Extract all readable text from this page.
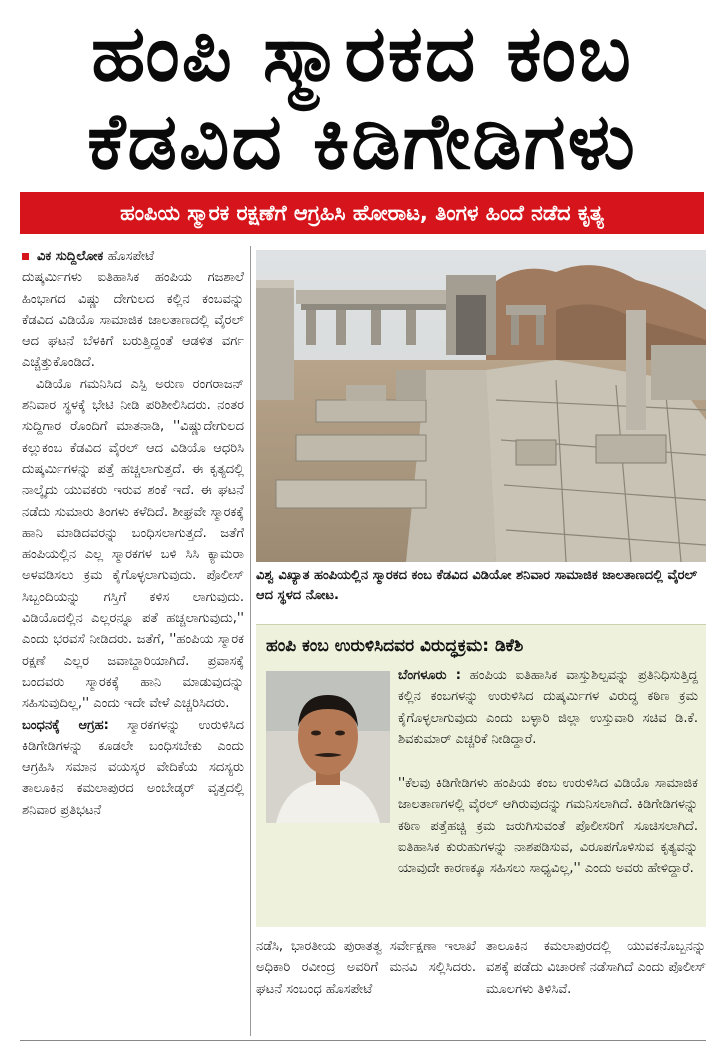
ಹಂಪಿ ಸ್ಮಾರಕದ ಕಂಬ
ಕೆಡವಿದ ಕಿಡಿಗೇಡಿಗಳು
ಹಂಪಿಯ ಸ್ಮಾರಕ ರಕ್ಷಣೆಗೆ ಆಗ್ರಹಿಸಿ ಹೋರಾಟ, ತಿಂಗಳ ಹಿಂದೆ ನಡೆದ ಕೃತ್ಯ

ವಿಕ ಸುದ್ದಿಲೋಕ ಹೊಸಪೇಟೆ

ದುಷ್ಕರ್ಮಿಗಳು ಐತಿಹಾಸಿಕ ಹಂಪಿಯ ಗಜಶಾಲೆ ಹಿಂಭಾಗದ ವಿಷ್ಣು ದೇಗುಲದ ಕಲ್ಲಿನ ಕಂಬವನ್ನು ಕೆಡವಿದ ವಿಡಿಯೊ ಸಾಮಾಜಿಕ ಜಾಲತಾಣದಲ್ಲಿ ವೈರಲ್ ಆದ ಘಟನೆ ಬೆಳಕಿಗೆ ಬರುತ್ತಿದ್ದಂತೆ ಆಡಳಿತ ವರ್ಗ ಎಚ್ಚೆತ್ತುಕೊಂಡಿದೆ.

ವಿಡಿಯೊ ಗಮನಿಸಿದ ಎಸ್ಪಿ ಅರುಣ ರಂಗರಾಜನ್ ಶನಿವಾರ ಸ್ಥಳಕ್ಕೆ ಭೇಟಿ ನೀಡಿ ಪರಿಶೀಲಿಸಿದರು. ನಂತರ ಸುದ್ದಿಗಾರ ರೊಂದಿಗೆ ಮಾತನಾಡಿ, ''ವಿಷ್ಣುದೇಗುಲದ ಕಲ್ಲುಕಂಬ ಕೆಡವಿದ ವೈರಲ್ ಆದ ವಿಡಿಯೊ ಆಧರಿಸಿ ದುಷ್ಕರ್ಮಿಗಳನ್ನು ಪತ್ತೆ ಹಚ್ಚಲಾಗುತ್ತದೆ. ಈ ಕೃತ್ಯದಲ್ಲಿ ನಾಲ್ಕೈದು ಯುವಕರು ಇರುವ ಶಂಕೆ ಇದೆ. ಈ ಘಟನೆ ನಡೆದು ಸುಮಾರು ತಿಂಗಳು ಕಳೆದಿದೆ. ಶೀಘ್ರವೇ ಸ್ಮಾರಕಕ್ಕೆ ಹಾನಿ ಮಾಡಿದವರನ್ನು ಬಂಧಿಸಲಾಗುತ್ತದೆ. ಜತೆಗೆ ಹಂಪಿಯಲ್ಲಿನ ಎಲ್ಲ ಸ್ಮಾರಕಗಳ ಬಳಿ ಸಿಸಿ ಕ್ಯಾಮರಾ ಅಳವಡಿಸಲು ಕ್ರಮ ಕೈಗೊಳ್ಳಲಾಗುವುದು. ಪೊಲೀಸ್ ಸಿಬ್ಬಂದಿಯನ್ನು ಗಸ್ತಿಗೆ ಕಳಿಸ ಲಾಗುವುದು. ವಿಡಿಯೊದಲ್ಲಿನ ಎಲ್ಲರನ್ನೂ ಪತೆ ಹಚ್ಚಲಾಗುವುದು,'' ಎಂದು ಭರವಸೆ ನೀಡಿದರು. ಜತೆಗೆ, ''ಹಂಪಿಯ ಸ್ಮಾರಕ ರಕ್ಷಣೆ ಎಲ್ಲರ ಜವಾಬ್ದಾರಿಯಾಗಿದೆ. ಪ್ರವಾಸಕ್ಕೆ ಬಂದವರು ಸ್ಮಾರಕಕ್ಕೆ ಹಾನಿ ಮಾಡುವುದನ್ನು ಸಹಿಸುವುದಿಲ್ಲ,'' ಎಂದು ಇದೇ ವೇಳೆ ಎಚ್ಚರಿಸಿದರು.

ಬಂಧನಕ್ಕೆ ಆಗ್ರಹ: ಸ್ಮಾರಕಗಳನ್ನು ಉರುಳಿಸಿದ ಕಿಡಿಗೇಡಿಗಳನ್ನು ಕೂಡಲೇ ಬಂಧಿಸಬೇಕು ಎಂದು ಆಗ್ರಹಿಸಿ ಸಮಾನ ವಯಸ್ಕರ ವೇದಿಕೆಯ ಸದಸ್ಯರು ತಾಲೂಕಿನ ಕಮಲಾಪುರದ ಅಂಬೇಡ್ಕರ್ ವೃತ್ತದಲ್ಲಿ ಶನಿವಾರ ಪ್ರತಿಭಟನೆ

ವಿಶ್ವ ವಿಖ್ಯಾತ ಹಂಪಿಯಲ್ಲಿನ ಸ್ಮಾರಕದ ಕಂಬ ಕೆಡವಿದ ವಿಡಿಯೋ ಶನಿವಾರ ಸಾಮಾಜಿಕ ಜಾಲತಾಣದಲ್ಲಿ ವೈರಲ್ ಆದ ಸ್ಥಳದ ನೋಟ.
ಹಂಪಿ ಕಂಬ ಉರುಳಿಸಿದವರ ವಿರುದ್ಧಕ್ರಮ: ಡಿಕೆಶಿ

ಬೆಂಗಳೂರು : ಹಂಪಿಯ ಐತಿಹಾಸಿಕ ವಾಸ್ತುಶಿಲ್ಪವನ್ನು ಪ್ರತಿನಿಧಿಸುತ್ತಿದ್ದ ಕಲ್ಲಿನ ಕಂಬಗಳನ್ನು ಉರುಳಿಸಿದ ದುಷ್ಕರ್ಮಿಗಳ ವಿರುದ್ಧ ಕಠಿಣ ಕ್ರಮ ಕೈಗೊಳ್ಳಲಾಗುವುದು ಎಂದು ಬಳ್ಳಾರಿ ಜಿಲ್ಲಾ ಉಸ್ತುವಾರಿ ಸಚಿವ ಡಿ.ಕೆ. ಶಿವಕುಮಾರ್ ಎಚ್ಚರಿಕೆ ನೀಡಿದ್ದಾರೆ.

''ಕೆಲವು ಕಿಡಿಗೇಡಿಗಳು ಹಂಪಿಯ ಕಂಬ ಉರುಳಿಸಿದ ವಿಡಿಯೊ ಸಾಮಾಜಿಕ ಜಾಲತಾಣಗಳಲ್ಲಿ ವೈರಲ್ ಆಗಿರುವುದನ್ನು ಗಮನಿಸಲಾಗಿದೆ. ಕಿಡಿಗೇಡಿಗಳನ್ನು ಕಠಿಣ ಪತ್ತೆಹಚ್ಚಿ ಕ್ರಮ ಜರುಗಿಸುವಂತೆ ಪೊಲೀಸರಿಗೆ ಸೂಚಿಸಲಾಗಿದೆ. ಐತಿಹಾಸಿಕ ಕುರುಹುಗಳನ್ನು ನಾಶಪಡಿಸುವ, ವಿರೂಪಗೊಳಿಸುವ ಕೃತ್ಯವನ್ನು ಯಾವುದೇ ಕಾರಣಕ್ಕೂ ಸಹಿಸಲು ಸಾಧ್ಯವಿಲ್ಲ,'' ಎಂದು ಅವರು ಹೇಳಿದ್ದಾರೆ.
ನಡೆಸಿ, ಭಾರತೀಯ ಪುರಾತತ್ವ ಸರ್ವೇಕ್ಷಣಾ ಇಲಾಖೆ ಅಧಿಕಾರಿ ರವೀಂದ್ರ ಅವರಿಗೆ ಮನವಿ ಸಲ್ಲಿಸಿದರು. ಘಟನೆ ಸಂಬಂಧ ಹೊಸಪೇಟೆ
ತಾಲೂಕಿನ ಕಮಲಾಪುರದಲ್ಲಿ ಯುವಕನೊಬ್ಬನನ್ನು ವಶಕ್ಕೆ ಪಡೆದು ವಿಚಾರಣೆ ನಡೆಸಾಗಿದೆ ಎಂದು ಪೊಲೀಸ್ ಮೂಲಗಳು ತಿಳಿಸಿವೆ.
